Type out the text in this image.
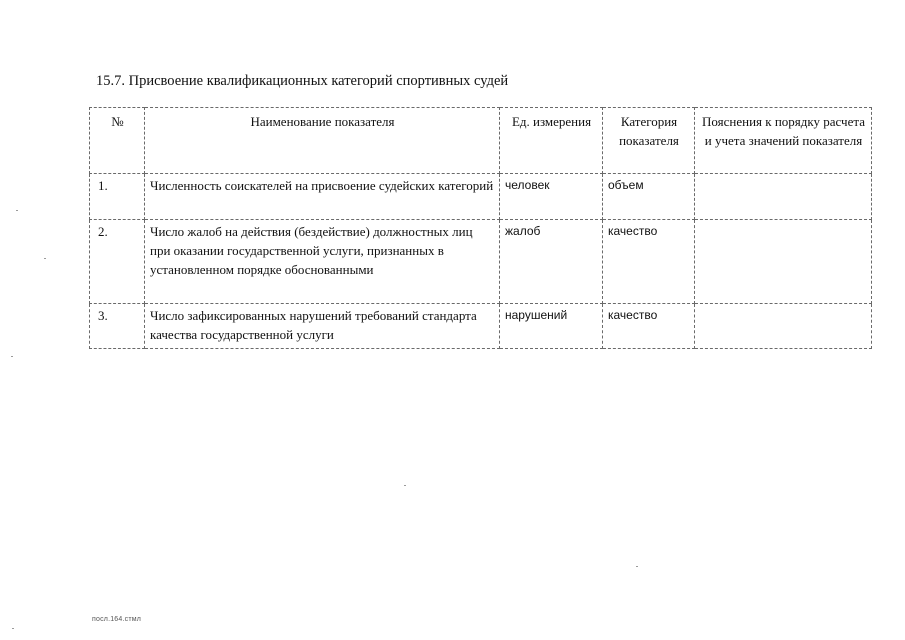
15.7. Присвоение квалификационных категорий спортивных судей
№	Наименование показателя	Ед. измерения	Категория показателя	Пояснения к порядку расчета и учета значений показателя
1.	Численность соискателей на присвоение судейских категорий	человек	объем	
2.	Число жалоб на действия (бездействие) должностных лиц при оказании государственной услуги, признанных в установленном порядке обоснованными	жалоб	качество	
3.	Число зафиксированных нарушений требований стандарта качества государственной услуги	нарушений	качество	
посл.164.стмл
